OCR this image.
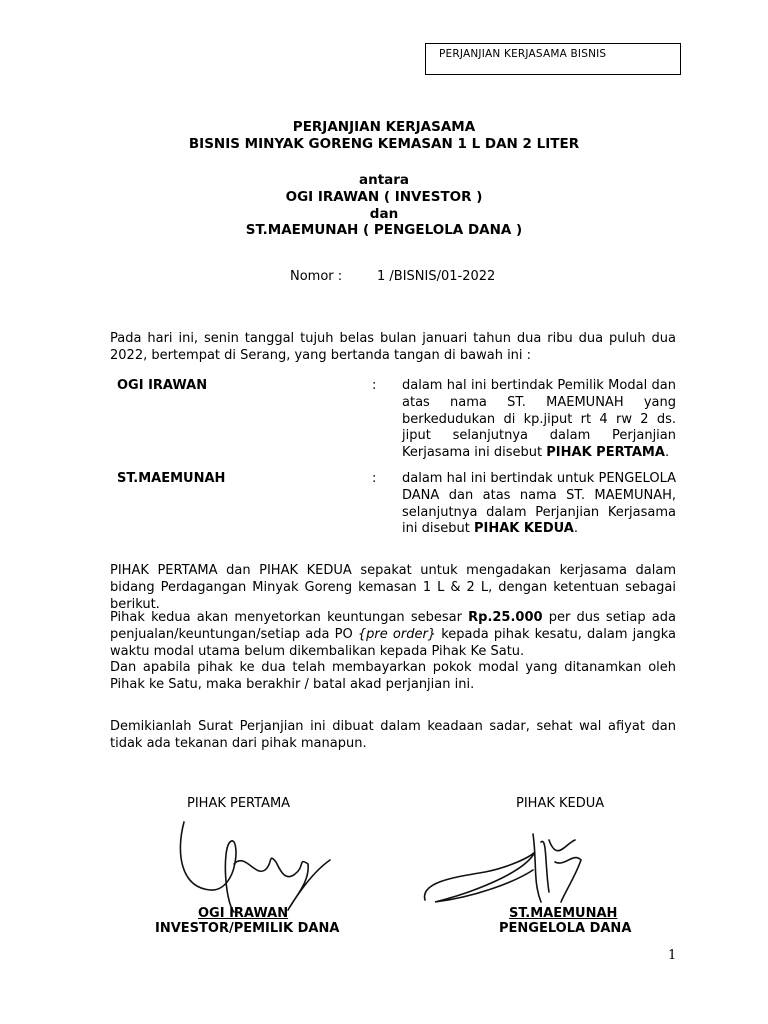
PERJANJIAN KERJASAMA BISNIS
PERJANJIAN KERJASAMA
BISNIS MINYAK GORENG KEMASAN 1 L DAN 2 LITER
antara
OGI IRAWAN ( INVESTOR )
dan
ST.MAEMUNAH ( PENGELOLA DANA )
Nomor :	1 /BISNIS/01-2022
Pada hari ini, senin tanggal tujuh belas bulan januari tahun dua ribu dua puluh dua 2022, bertempat di Serang, yang bertanda tangan di bawah ini :
OGI IRAWAN	: dalam hal ini bertindak Pemilik Modal dan atas nama ST. MAEMUNAH yang berkedudukan di kp.jiput rt 4 rw 2 ds. jiput selanjutnya dalam Perjanjian Kerjasama ini disebut PIHAK PERTAMA.
ST.MAEMUNAH	: dalam hal ini bertindak untuk PENGELOLA DANA dan atas nama ST. MAEMUNAH, selanjutnya dalam Perjanjian Kerjasama ini disebut PIHAK KEDUA.
PIHAK PERTAMA dan PIHAK KEDUA sepakat untuk mengadakan kerjasama dalam bidang Perdagangan Minyak Goreng kemasan 1 L & 2 L, dengan ketentuan sebagai berikut.
Pihak kedua akan menyetorkan keuntungan sebesar Rp.25.000 per dus setiap ada penjualan/keuntungan/setiap ada PO {pre order} kepada pihak kesatu, dalam jangka waktu modal utama belum dikembalikan kepada Pihak Ke Satu.
Dan apabila pihak ke dua telah membayarkan pokok modal yang ditanamkan oleh Pihak ke Satu, maka berakhir / batal akad perjanjian ini.
Demikianlah Surat Perjanjian ini dibuat dalam keadaan sadar, sehat wal afiyat dan tidak ada tekanan dari pihak manapun.
PIHAK PERTAMA	PIHAK KEDUA
OGI IRAWAN
INVESTOR/PEMILIK DANA
ST.MAEMUNAH
PENGELOLA DANA
1
